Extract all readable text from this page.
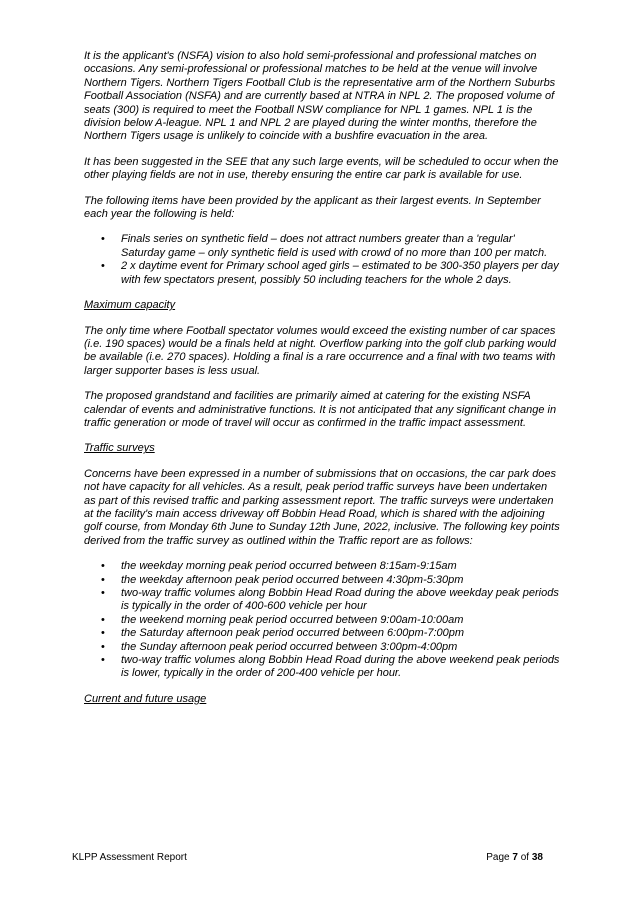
It is the applicant's (NSFA) vision to also hold semi-professional and professional matches on occasions. Any semi-professional or professional matches to be held at the venue will involve Northern Tigers. Northern Tigers Football Club is the representative arm of the Northern Suburbs Football Association (NSFA) and are currently based at NTRA in NPL 2. The proposed volume of seats (300) is required to meet the Football NSW compliance for NPL 1 games. NPL 1 is the division below A-league. NPL 1 and NPL 2 are played during the winter months, therefore the Northern Tigers usage is unlikely to coincide with a bushfire evacuation in the area.

It has been suggested in the SEE that any such large events, will be scheduled to occur when the other playing fields are not in use, thereby ensuring the entire car park is available for use.

The following items have been provided by the applicant as their largest events. In September each year the following is held:

• Finals series on synthetic field – does not attract numbers greater than a 'regular' Saturday game – only synthetic field is used with crowd of no more than 100 per match.
• 2 x daytime event for Primary school aged girls – estimated to be 300-350 players per day with few spectators present, possibly 50 including teachers for the whole 2 days.

Maximum capacity

The only time where Football spectator volumes would exceed the existing number of car spaces (i.e. 190 spaces) would be a finals held at night. Overflow parking into the golf club parking would be available (i.e. 270 spaces). Holding a final is a rare occurrence and a final with two teams with larger supporter bases is less usual.

The proposed grandstand and facilities are primarily aimed at catering for the existing NSFA calendar of events and administrative functions. It is not anticipated that any significant change in traffic generation or mode of travel will occur as confirmed in the traffic impact assessment.

Traffic surveys

Concerns have been expressed in a number of submissions that on occasions, the car park does not have capacity for all vehicles. As a result, peak period traffic surveys have been undertaken as part of this revised traffic and parking assessment report. The traffic surveys were undertaken at the facility's main access driveway off Bobbin Head Road, which is shared with the adjoining golf course, from Monday 6th June to Sunday 12th June, 2022, inclusive. The following key points derived from the traffic survey as outlined within the Traffic report are as follows:

• the weekday morning peak period occurred between 8:15am-9:15am
• the weekday afternoon peak period occurred between 4:30pm-5:30pm
• two-way traffic volumes along Bobbin Head Road during the above weekday peak periods is typically in the order of 400-600 vehicle per hour
• the weekend morning peak period occurred between 9:00am-10:00am
• the Saturday afternoon peak period occurred between 6:00pm-7:00pm
• the Sunday afternoon peak period occurred between 3:00pm-4:00pm
• two-way traffic volumes along Bobbin Head Road during the above weekend peak periods is lower, typically in the order of 200-400 vehicle per hour.

Current and future usage

KLPP Assessment Report	Page 7 of 38
